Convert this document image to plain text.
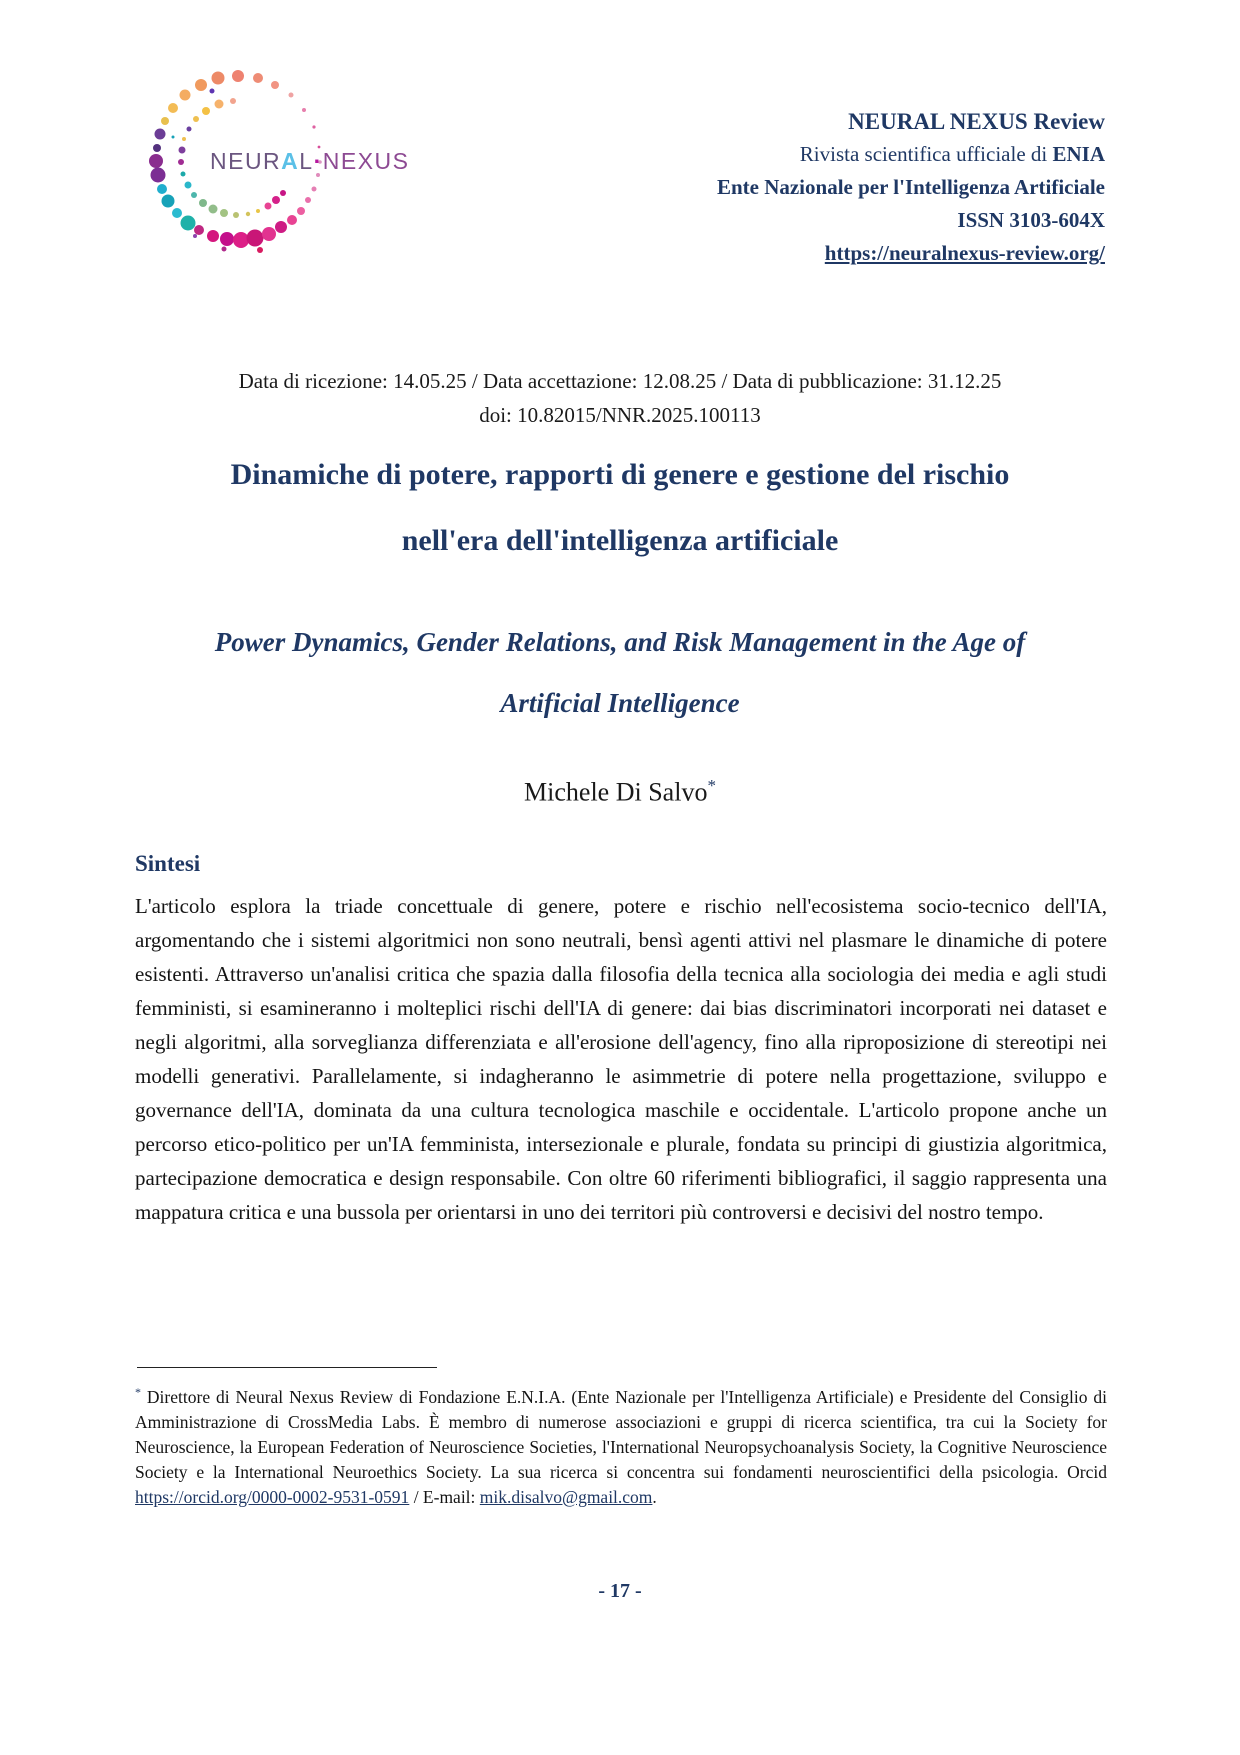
NEURAL·NEXUS
NEURAL NEXUS Review
Rivista scientifica ufficiale di ENIA
Ente Nazionale per l'Intelligenza Artificiale
ISSN 3103-604X
https://neuralnexus-review.org/
Data di ricezione: 14.05.25 / Data accettazione: 12.08.25 / Data di pubblicazione: 31.12.25
doi: 10.82015/NNR.2025.100113
Dinamiche di potere, rapporti di genere e gestione del rischio
nell'era dell'intelligenza artificiale
Power Dynamics, Gender Relations, and Risk Management in the Age of
Artificial Intelligence
Michele Di Salvo*
Sintesi
L'articolo esplora la triade concettuale di genere, potere e rischio nell'ecosistema socio-tecnico dell'IA, argomentando che i sistemi algoritmici non sono neutrali, bensì agenti attivi nel plasmare le dinamiche di potere esistenti. Attraverso un'analisi critica che spazia dalla filosofia della tecnica alla sociologia dei media e agli studi femministi, si esamineranno i molteplici rischi dell'IA di genere: dai bias discriminatori incorporati nei dataset e negli algoritmi, alla sorveglianza differenziata e all'erosione dell'agency, fino alla riproposizione di stereotipi nei modelli generativi. Parallelamente, si indagheranno le asimmetrie di potere nella progettazione, sviluppo e governance dell'IA, dominata da una cultura tecnologica maschile e occidentale. L'articolo propone anche un percorso etico-politico per un'IA femminista, intersezionale e plurale, fondata su principi di giustizia algoritmica, partecipazione democratica e design responsabile. Con oltre 60 riferimenti bibliografici, il saggio rappresenta una mappatura critica e una bussola per orientarsi in uno dei territori più controversi e decisivi del nostro tempo.
* Direttore di Neural Nexus Review di Fondazione E.N.I.A. (Ente Nazionale per l'Intelligenza Artificiale) e Presidente del Consiglio di Amministrazione di CrossMedia Labs. È membro di numerose associazioni e gruppi di ricerca scientifica, tra cui la Society for Neuroscience, la European Federation of Neuroscience Societies, l'International Neuropsychoanalysis Society, la Cognitive Neuroscience Society e la International Neuroethics Society. La sua ricerca si concentra sui fondamenti neuroscientifici della psicologia. Orcid https://orcid.org/0000-0002-9531-0591 / E-mail: mik.disalvo@gmail.com.
- 17 -
